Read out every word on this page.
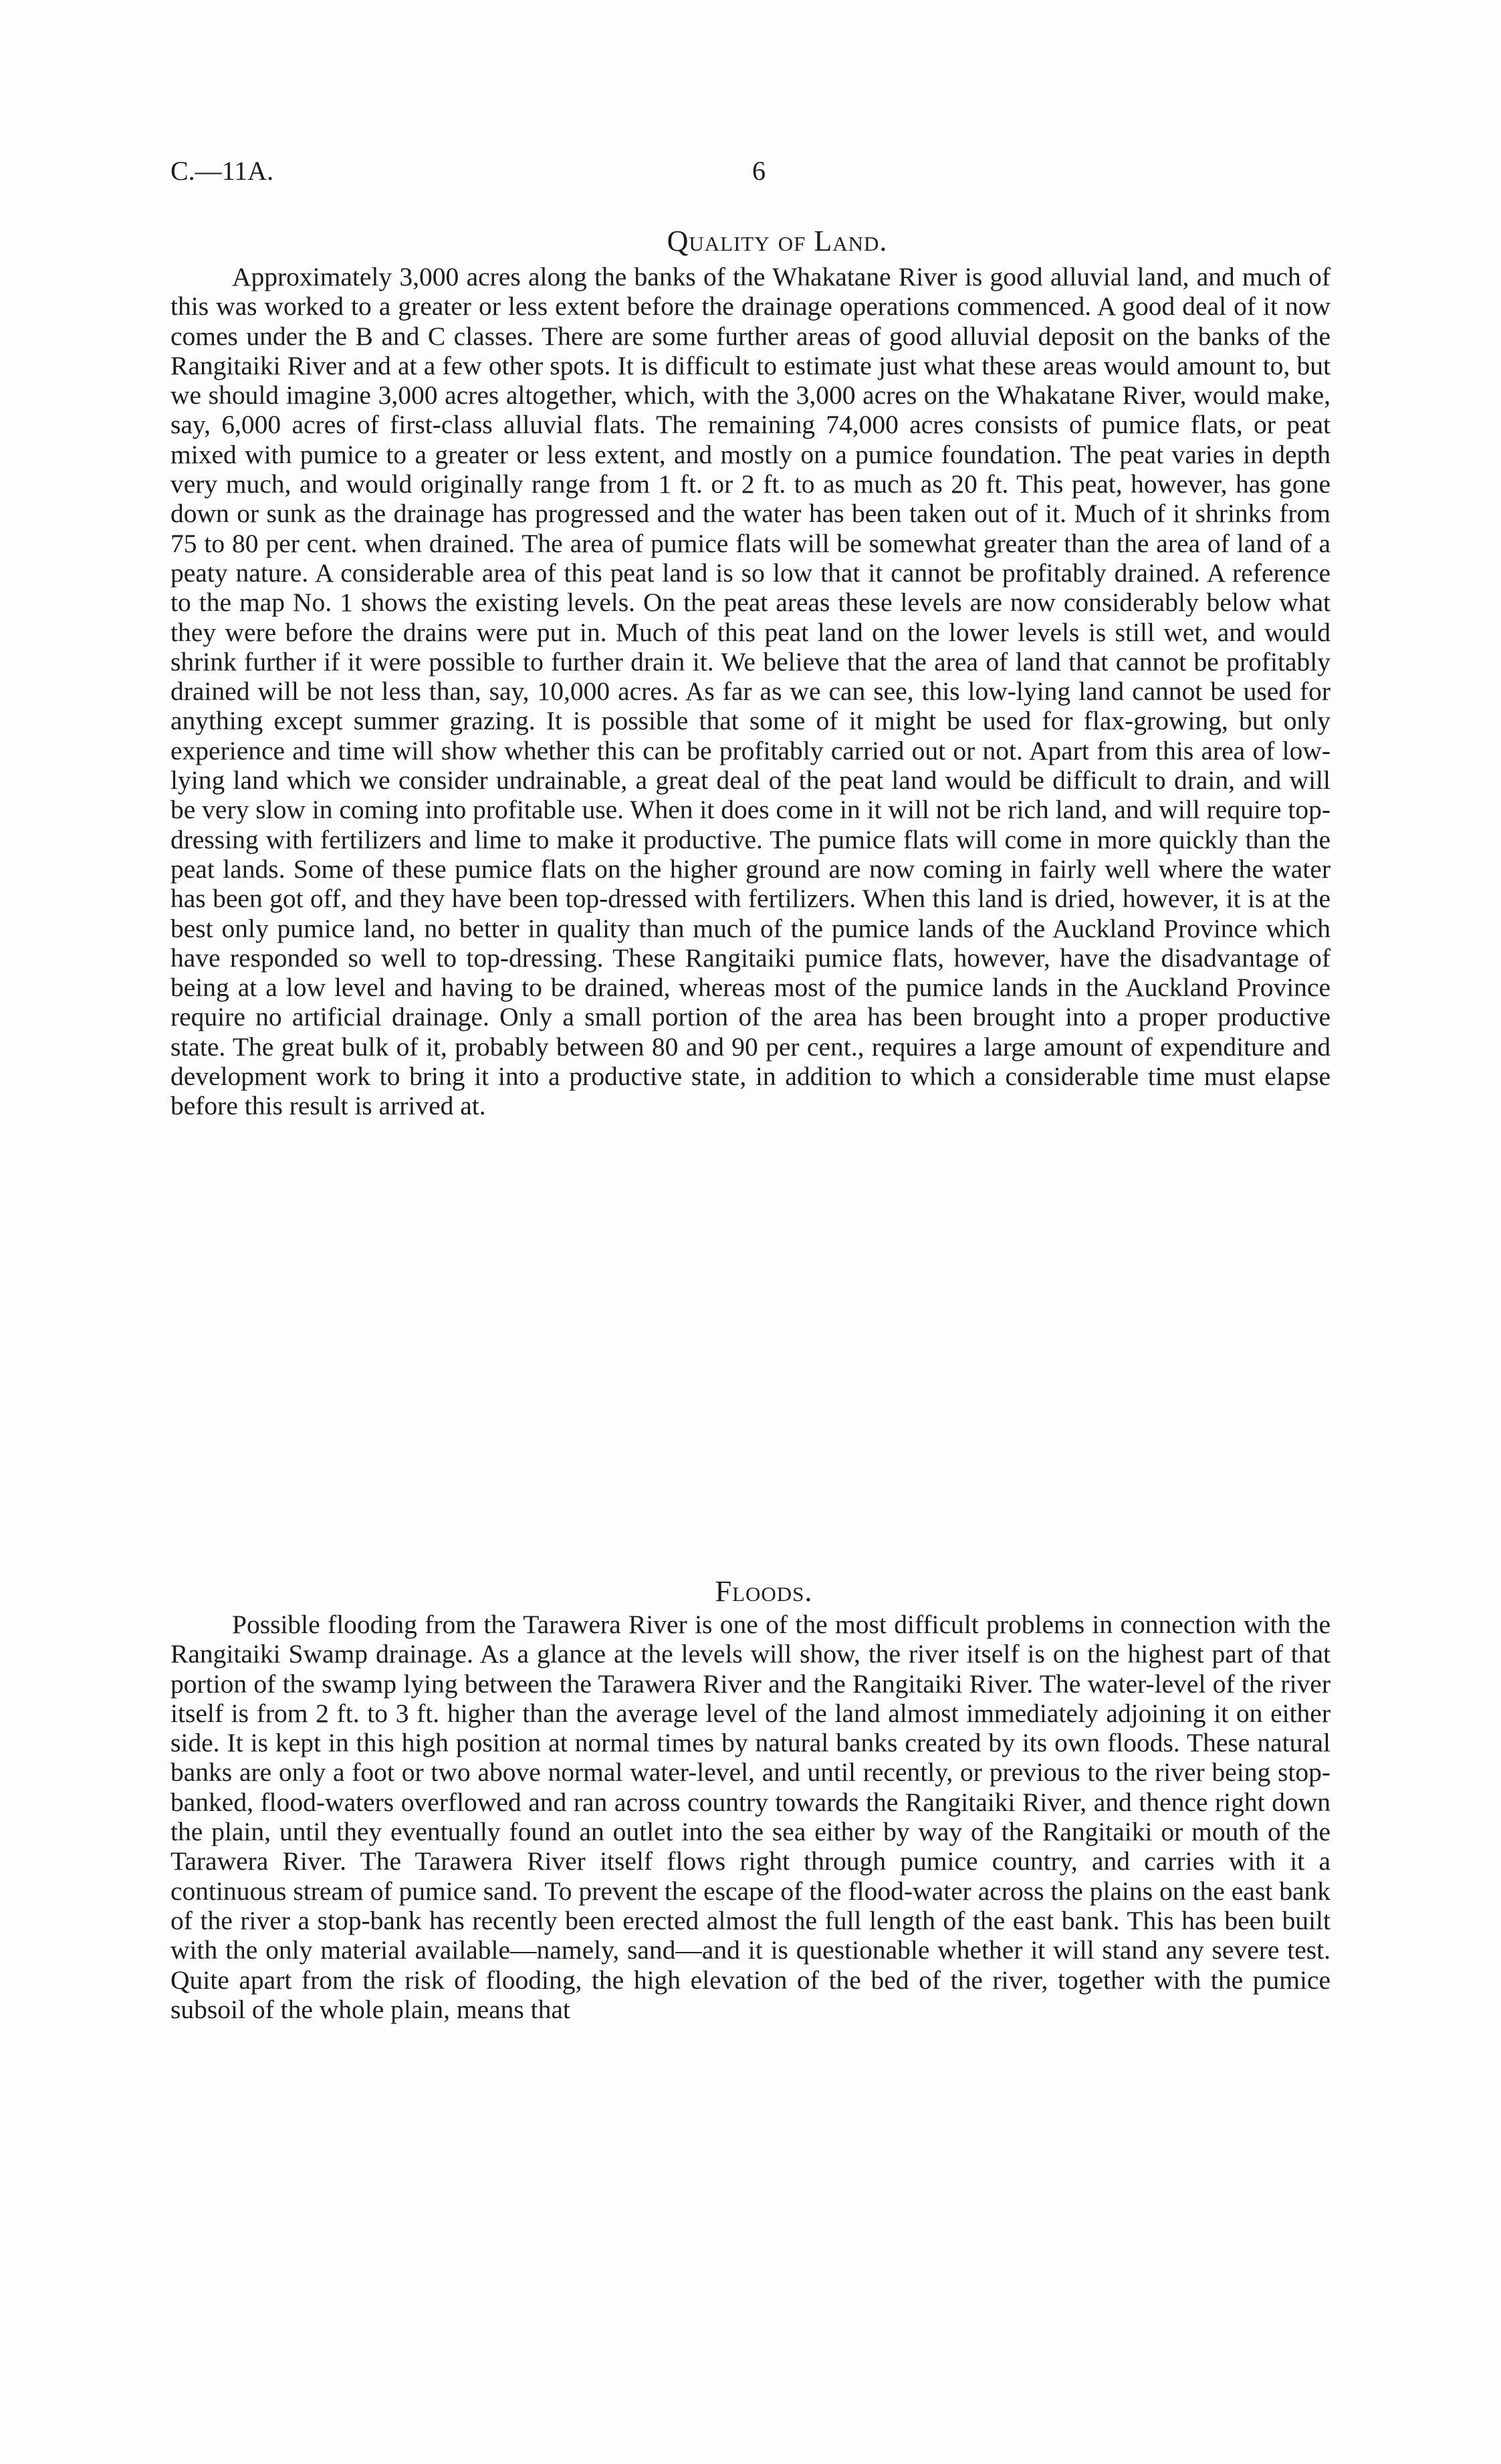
C.—11A.	6
Quality of Land.

Approximately 3,000 acres along the banks of the Whakatane River is good alluvial land, and much of this was worked to a greater or less extent before the drainage operations commenced. A good deal of it now comes under the B and C classes. There are some further areas of good alluvial deposit on the banks of the Rangitaiki River and at a few other spots. It is difficult to estimate just what these areas would amount to, but we should imagine 3,000 acres altogether, which, with the 3,000 acres on the Whakatane River, would make, say, 6,000 acres of first-class alluvial flats. The remaining 74,000 acres consists of pumice flats, or peat mixed with pumice to a greater or less extent, and mostly on a pumice foundation. The peat varies in depth very much, and would originally range from 1 ft. or 2 ft. to as much as 20 ft. This peat, however, has gone down or sunk as the drainage has progressed and the water has been taken out of it. Much of it shrinks from 75 to 80 per cent. when drained. The area of pumice flats will be somewhat greater than the area of land of a peaty nature. A considerable area of this peat land is so low that it cannot be profitably drained. A reference to the map No. 1 shows the existing levels. On the peat areas these levels are now considerably below what they were before the drains were put in. Much of this peat land on the lower levels is still wet, and would shrink further if it were possible to further drain it. We believe that the area of land that cannot be profitably drained will be not less than, say, 10,000 acres. As far as we can see, this low-lying land cannot be used for anything except summer grazing. It is possible that some of it might be used for flax-growing, but only experience and time will show whether this can be profitably carried out or not. Apart from this area of low-lying land which we consider undrainable, a great deal of the peat land would be difficult to drain, and will be very slow in coming into profitable use. When it does come in it will not be rich land, and will require top-dressing with fertilizers and lime to make it productive. The pumice flats will come in more quickly than the peat lands. Some of these pumice flats on the higher ground are now coming in fairly well where the water has been got off, and they have been top-dressed with fertilizers. When this land is dried, however, it is at the best only pumice land, no better in quality than much of the pumice lands of the Auckland Province which have responded so well to top-dressing. These Rangitaiki pumice flats, however, have the disadvantage of being at a low level and having to be drained, whereas most of the pumice lands in the Auckland Province require no artificial drainage. Only a small portion of the area has been brought into a proper productive state. The great bulk of it, probably between 80 and 90 per cent., requires a large amount of expenditure and development work to bring it into a productive state, in addition to which a considerable time must elapse before this result is arrived at.

Floods.

Possible flooding from the Tarawera River is one of the most difficult problems in connection with the Rangitaiki Swamp drainage. As a glance at the levels will show, the river itself is on the highest part of that portion of the swamp lying between the Tarawera River and the Rangitaiki River. The water-level of the river itself is from 2 ft. to 3 ft. higher than the average level of the land almost immediately adjoining it on either side. It is kept in this high position at normal times by natural banks created by its own floods. These natural banks are only a foot or two above normal water-level, and until recently, or previous to the river being stop-banked, flood-waters overflowed and ran across country towards the Rangitaiki River, and thence right down the plain, until they eventually found an outlet into the sea either by way of the Rangitaiki or mouth of the Tarawera River. The Tarawera River itself flows right through pumice country, and carries with it a continuous stream of pumice sand. To prevent the escape of the flood-water across the plains on the east bank of the river a stop-bank has recently been erected almost the full length of the east bank. This has been built with the only material available—namely, sand—and it is questionable whether it will stand any severe test. Quite apart from the risk of flooding, the high elevation of the bed of the river, together with the pumice subsoil of the whole plain, means that
